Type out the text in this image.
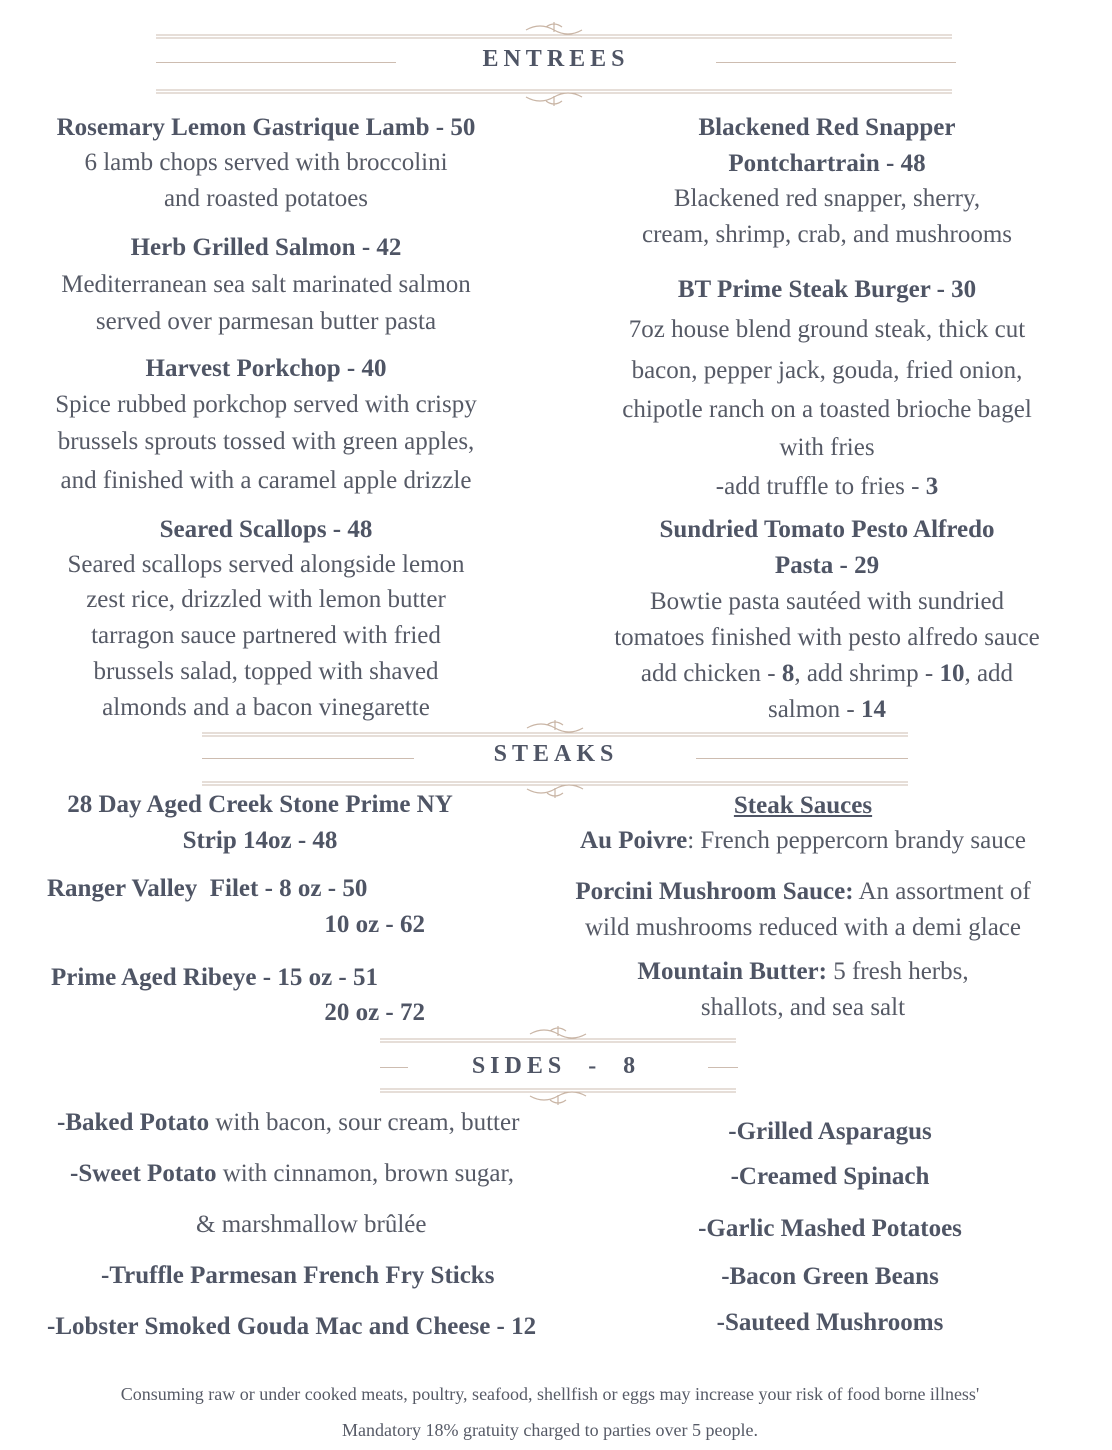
ENTREES
Rosemary Lemon Gastrique Lamb - 50
6 lamb chops served with broccolini
and roasted potatoes
Herb Grilled Salmon - 42
Mediterranean sea salt marinated salmon
served over parmesan butter pasta
Harvest Porkchop - 40
Spice rubbed porkchop served with crispy
brussels sprouts tossed with green apples,
and finished with a caramel apple drizzle
Seared Scallops - 48
Seared scallops served alongside lemon
zest rice, drizzled with lemon butter
tarragon sauce partnered with fried
brussels salad, topped with shaved
almonds and a bacon vinegarette
Blackened Red Snapper
Pontchartrain - 48
Blackened red snapper, sherry,
cream, shrimp, crab, and mushrooms
BT Prime Steak Burger - 30
7oz house blend ground steak, thick cut
bacon, pepper jack, gouda, fried onion,
chipotle ranch on a toasted brioche bagel
with fries
-add truffle to fries - 3
Sundried Tomato Pesto Alfredo
Pasta - 29
Bowtie pasta sautéed with sundried
tomatoes finished with pesto alfredo sauce
add chicken - 8, add shrimp - 10, add
salmon - 14
STEAKS
28 Day Aged Creek Stone Prime NY
Strip 14oz - 48
Ranger Valley  Filet - 8 oz - 50
10 oz - 62
Prime Aged Ribeye - 15 oz - 51
20 oz - 72
Steak Sauces
Au Poivre: French peppercorn brandy sauce
Porcini Mushroom Sauce: An assortment of
wild mushrooms reduced with a demi glace
Mountain Butter: 5 fresh herbs,
shallots, and sea salt
SIDES  -  8
-Baked Potato with bacon, sour cream, butter
-Sweet Potato with cinnamon, brown sugar,
& marshmallow brûlée
-Truffle Parmesan French Fry Sticks
-Lobster Smoked Gouda Mac and Cheese - 12
-Grilled Asparagus
-Creamed Spinach
-Garlic Mashed Potatoes
-Bacon Green Beans
-Sauteed Mushrooms
Consuming raw or under cooked meats, poultry, seafood, shellfish or eggs may increase your risk of food borne illness'
Mandatory 18% gratuity charged to parties over 5 people.
